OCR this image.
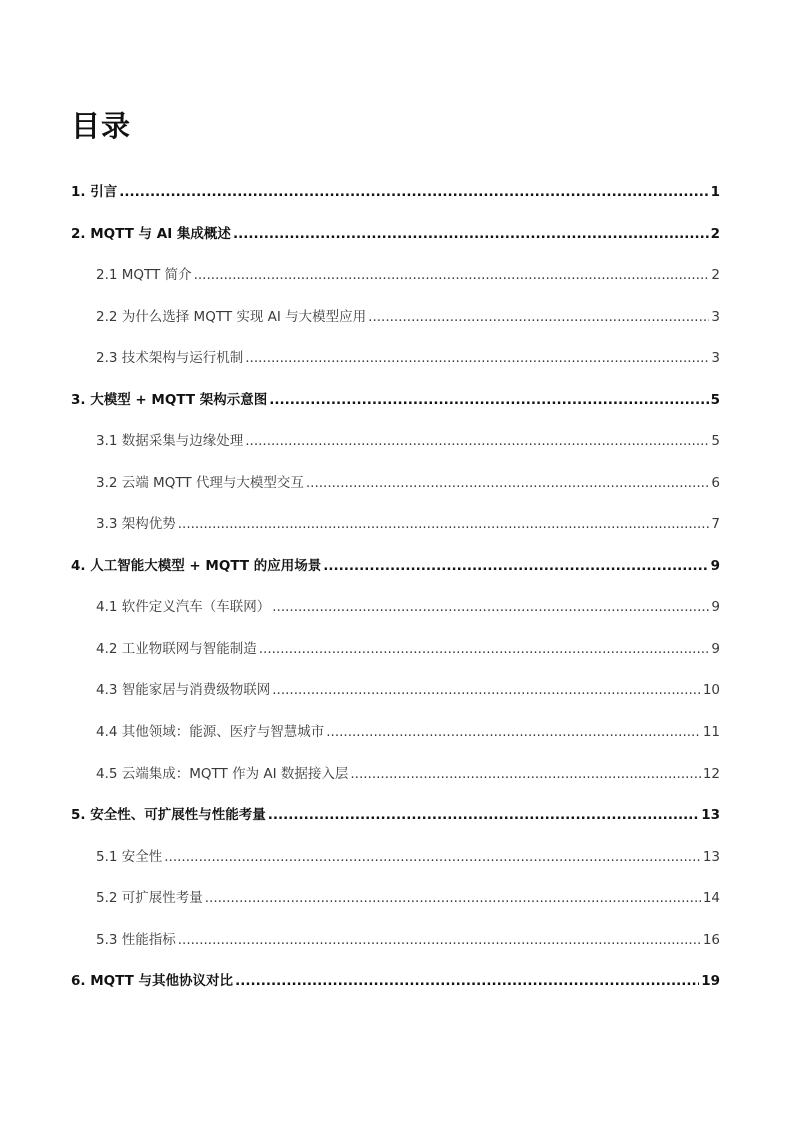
目录
1. 引言 .....	1
2. MQTT 与 AI 集成概述 .....	2
2.1 MQTT 简介 .....	2
2.2 为什么选择 MQTT 实现 AI 与大模型应用 .....	3
2.3 技术架构与运行机制 .....	3
3. 大模型 + MQTT 架构示意图 .....	5
3.1 数据采集与边缘处理 .....	5
3.2 云端 MQTT 代理与大模型交互 .....	6
3.3 架构优势 .....	7
4. 人工智能大模型 + MQTT 的应用场景 .....	9
4.1 软件定义汽车（车联网） .....	9
4.2 工业物联网与智能制造 .....	9
4.3 智能家居与消费级物联网 .....	10
4.4 其他领域：能源、医疗与智慧城市 .....	11
4.5 云端集成：MQTT 作为 AI 数据接入层 .....	12
5. 安全性、可扩展性与性能考量 .....	13
5.1 安全性 .....	13
5.2 可扩展性考量 .....	14
5.3 性能指标 .....	16
6. MQTT 与其他协议对比 .....	19
